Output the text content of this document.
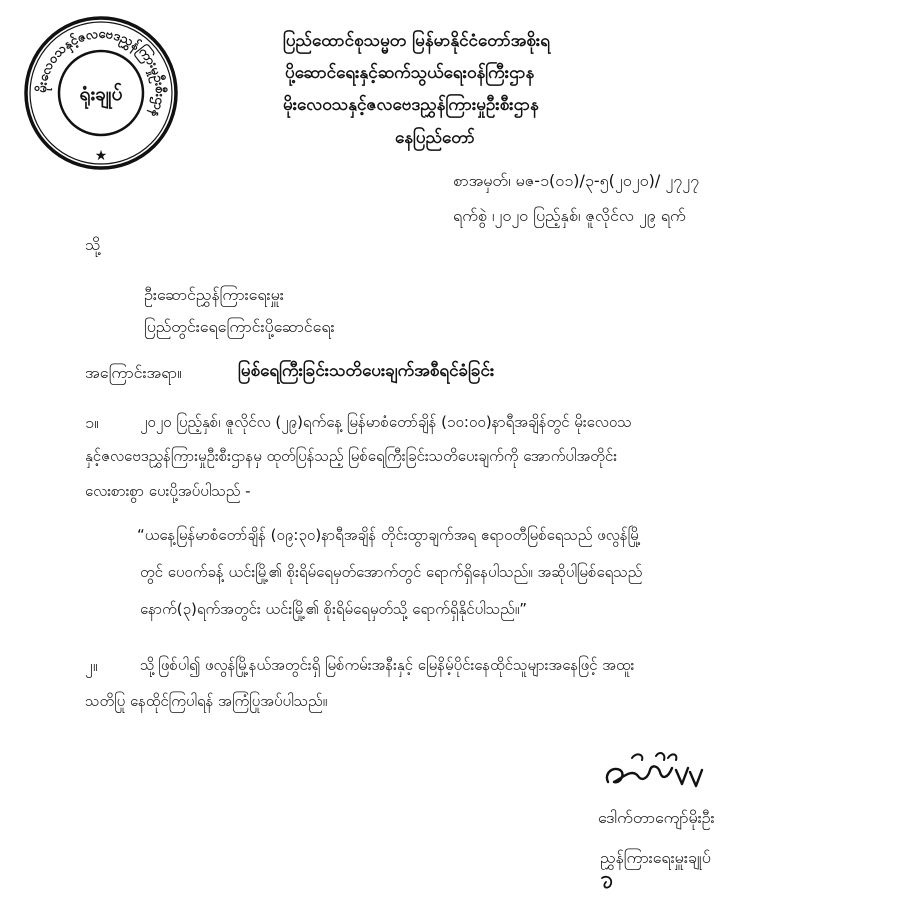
မိုးလေဝသနှင့်ဇလဗေဒညွှန်ကြားမှုဦးစီးဌာန
ရုံးချုပ်
★
ပြည်ထောင်စုသမ္မတ မြန်မာနိုင်ငံတော်အစိုးရ
ပို့ဆောင်ရေးနှင့်ဆက်သွယ်ရေးဝန်ကြီးဌာန
မိုးလေဝသနှင့်ဇလဗေဒညွှန်ကြားမှုဦးစီးဌာန
နေပြည်တော်
စာအမှတ်၊ မဇ-၁(၀၁)/၃-၅(၂၀၂၀)/ ၂၇၂၇
ရက်စွဲ ၊၂၀၂၀ ပြည့်နှစ်၊ ဇူလိုင်လ ၂၉ ရက်
သို့
ဦးဆောင်ညွှန်ကြားရေးမှူး
ပြည်တွင်းရေကြောင်းပို့ဆောင်ရေး
အကြောင်းအရာ။	မြစ်ရေကြီးခြင်းသတိပေးချက်အစီရင်ခံခြင်း
၁။	၂၀၂၀ ပြည့်နှစ်၊ ဇူလိုင်လ (၂၉)ရက်နေ့ မြန်မာစံတော်ချိန် (၁၀:၀၀)နာရီအချိန်တွင် မိုးလေဝသ
နှင့်ဇလဗေဒညွှန်ကြားမှုဦးစီးဌာနမှ ထုတ်ပြန်သည့် မြစ်ရေကြီးခြင်းသတိပေးချက်ကို အောက်ပါအတိုင်း
လေးစားစွာ ပေးပို့အပ်ပါသည် -
“ယနေ့မြန်မာစံတော်ချိန် (၀၉:၃၀)နာရီအချိန် တိုင်းထွာချက်အရ ဧရာဝတီမြစ်ရေသည် ဖလွန်မြို့
တွင် ပေဝက်ခန့် ယင်းမြို့၏ စိုးရိမ်ရေမှတ်အောက်တွင် ရောက်ရှိနေပါသည်။ အဆိုပါမြစ်ရေသည်
နောက်(၃)ရက်အတွင်း ယင်းမြို့၏ စိုးရိမ်ရေမှတ်သို့ ရောက်ရှိနိုင်ပါသည်။”
၂။	သို့ဖြစ်ပါ၍ ဖလွန်မြို့နယ်အတွင်းရှိ မြစ်ကမ်းအနီးနှင့် မြေနိမ့်ပိုင်းနေထိုင်သူများအနေဖြင့် အထူး
သတိပြု နေထိုင်ကြပါရန် အကြံပြုအပ်ပါသည်။
ဒေါက်တာကျော်မိုးဦး
ညွှန်ကြားရေးမှူးချုပ်
